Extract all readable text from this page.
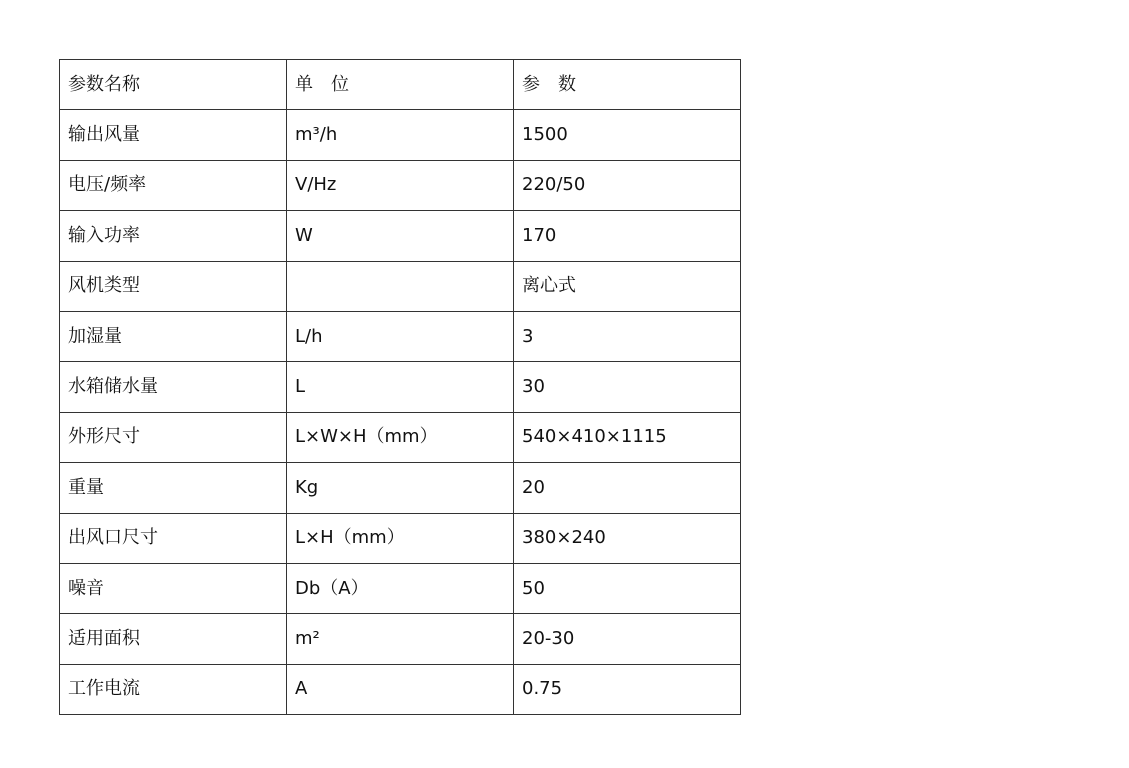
参数名称	单　位	参　数
输出风量	m³/h	1500
电压/频率	V/Hz	220/50
输入功率	W	170
风机类型		离心式
加湿量	L/h	3
水箱储水量	L	30
外形尺寸	L×W×H（mm）	540×410×1115
重量	Kg	20
出风口尺寸	L×H（mm）	380×240
噪音	Db（A）	50
适用面积	m²	20-30
工作电流	A	0.75
